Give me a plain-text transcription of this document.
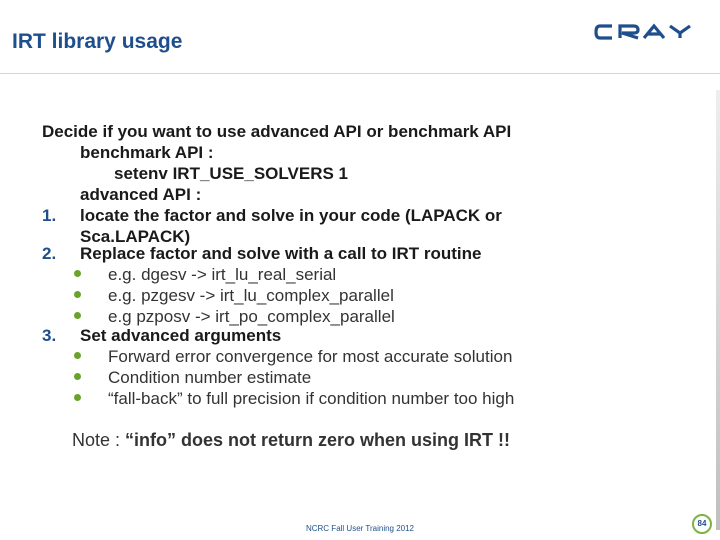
IRT library usage
Decide if you want to use advanced API or benchmark API
benchmark API :
setenv IRT_USE_SOLVERS 1
advanced API :
1. locate the factor and solve in your code (LAPACK or
Sca.LAPACK)
2. Replace factor and solve with a call to IRT routine
e.g. dgesv -> irt_lu_real_serial
e.g. pzgesv -> irt_lu_complex_parallel
e.g pzposv -> irt_po_complex_parallel
3. Set advanced arguments
Forward error convergence for most accurate solution
Condition number estimate
“fall-back” to full precision if condition number too high
Note : “info” does not return zero when using IRT !!
NCRC Fall User Training 2012
84
